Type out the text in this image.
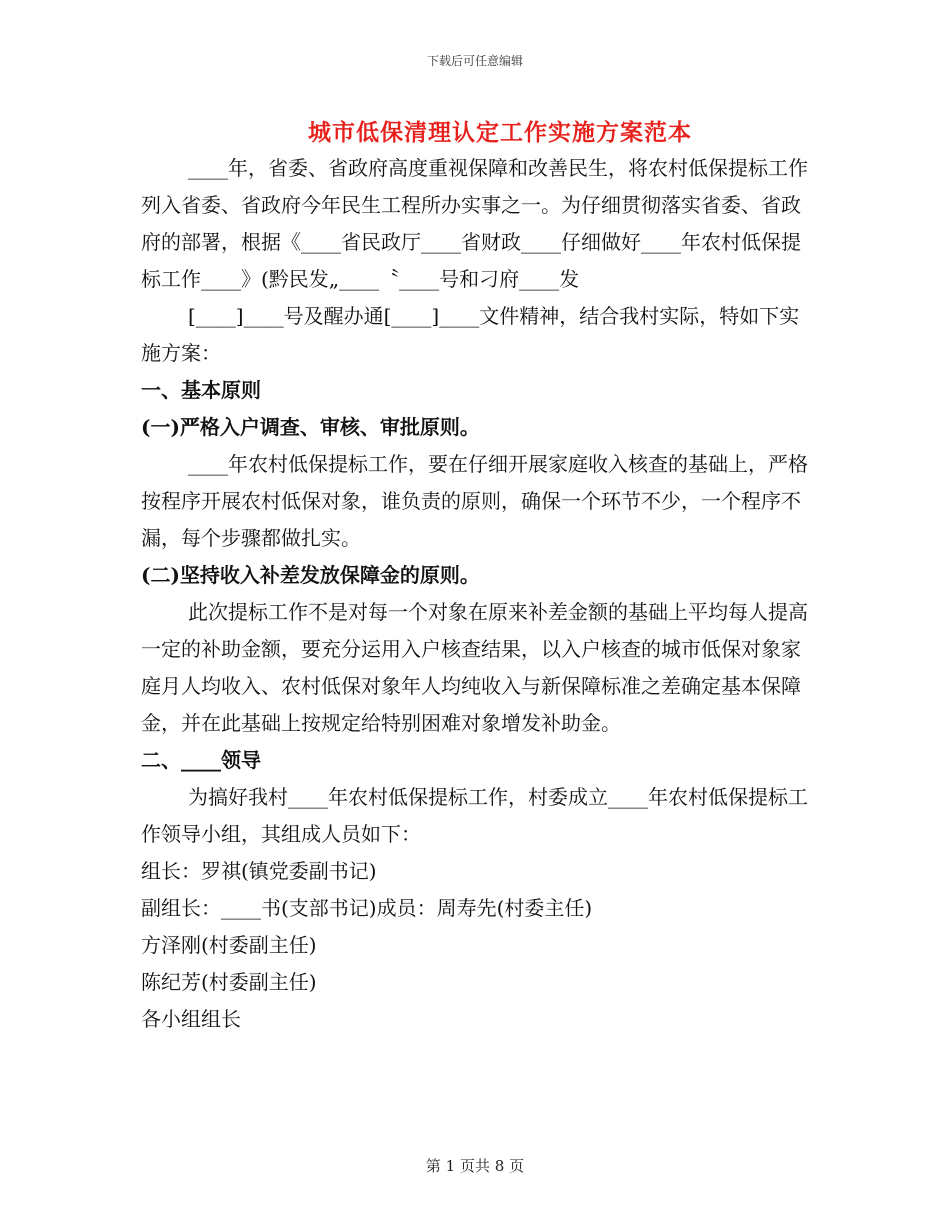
下载后可任意编辑
城市低保清理认定工作实施方案范本

____年，省委、省政府高度重视保障和改善民生，将农村低保提标工作列入省委、省政府今年民生工程所办实事之一。为仔细贯彻落实省委、省政府的部署，根据《____省民政厅____省财政____仔细做好____年农村低保提标工作____》(黔民发„____〝____号和刁府____发

[____]____号及醒办通[____]____文件精神，结合我村实际，特如下实施方案：

一、基本原则

(一)严格入户调查、审核、审批原则。

____年农村低保提标工作，要在仔细开展家庭收入核查的基础上，严格按程序开展农村低保对象，谁负责的原则，确保一个环节不少，一个程序不漏，每个步骤都做扎实。

(二)坚持收入补差发放保障金的原则。

此次提标工作不是对每一个对象在原来补差金额的基础上平均每人提高一定的补助金额，要充分运用入户核查结果，以入户核查的城市低保对象家庭月人均收入、农村低保对象年人均纯收入与新保障标准之差确定基本保障金，并在此基础上按规定给特别困难对象增发补助金。

二、____领导

为搞好我村____年农村低保提标工作，村委成立____年农村低保提标工作领导小组，其组成人员如下：

组长：罗祺(镇党委副书记)

副组长：____书(支部书记)成员：周寿先(村委主任)

方泽刚(村委副主任)

陈纪芳(村委副主任)

各小组组长

第 1 页共 8 页
